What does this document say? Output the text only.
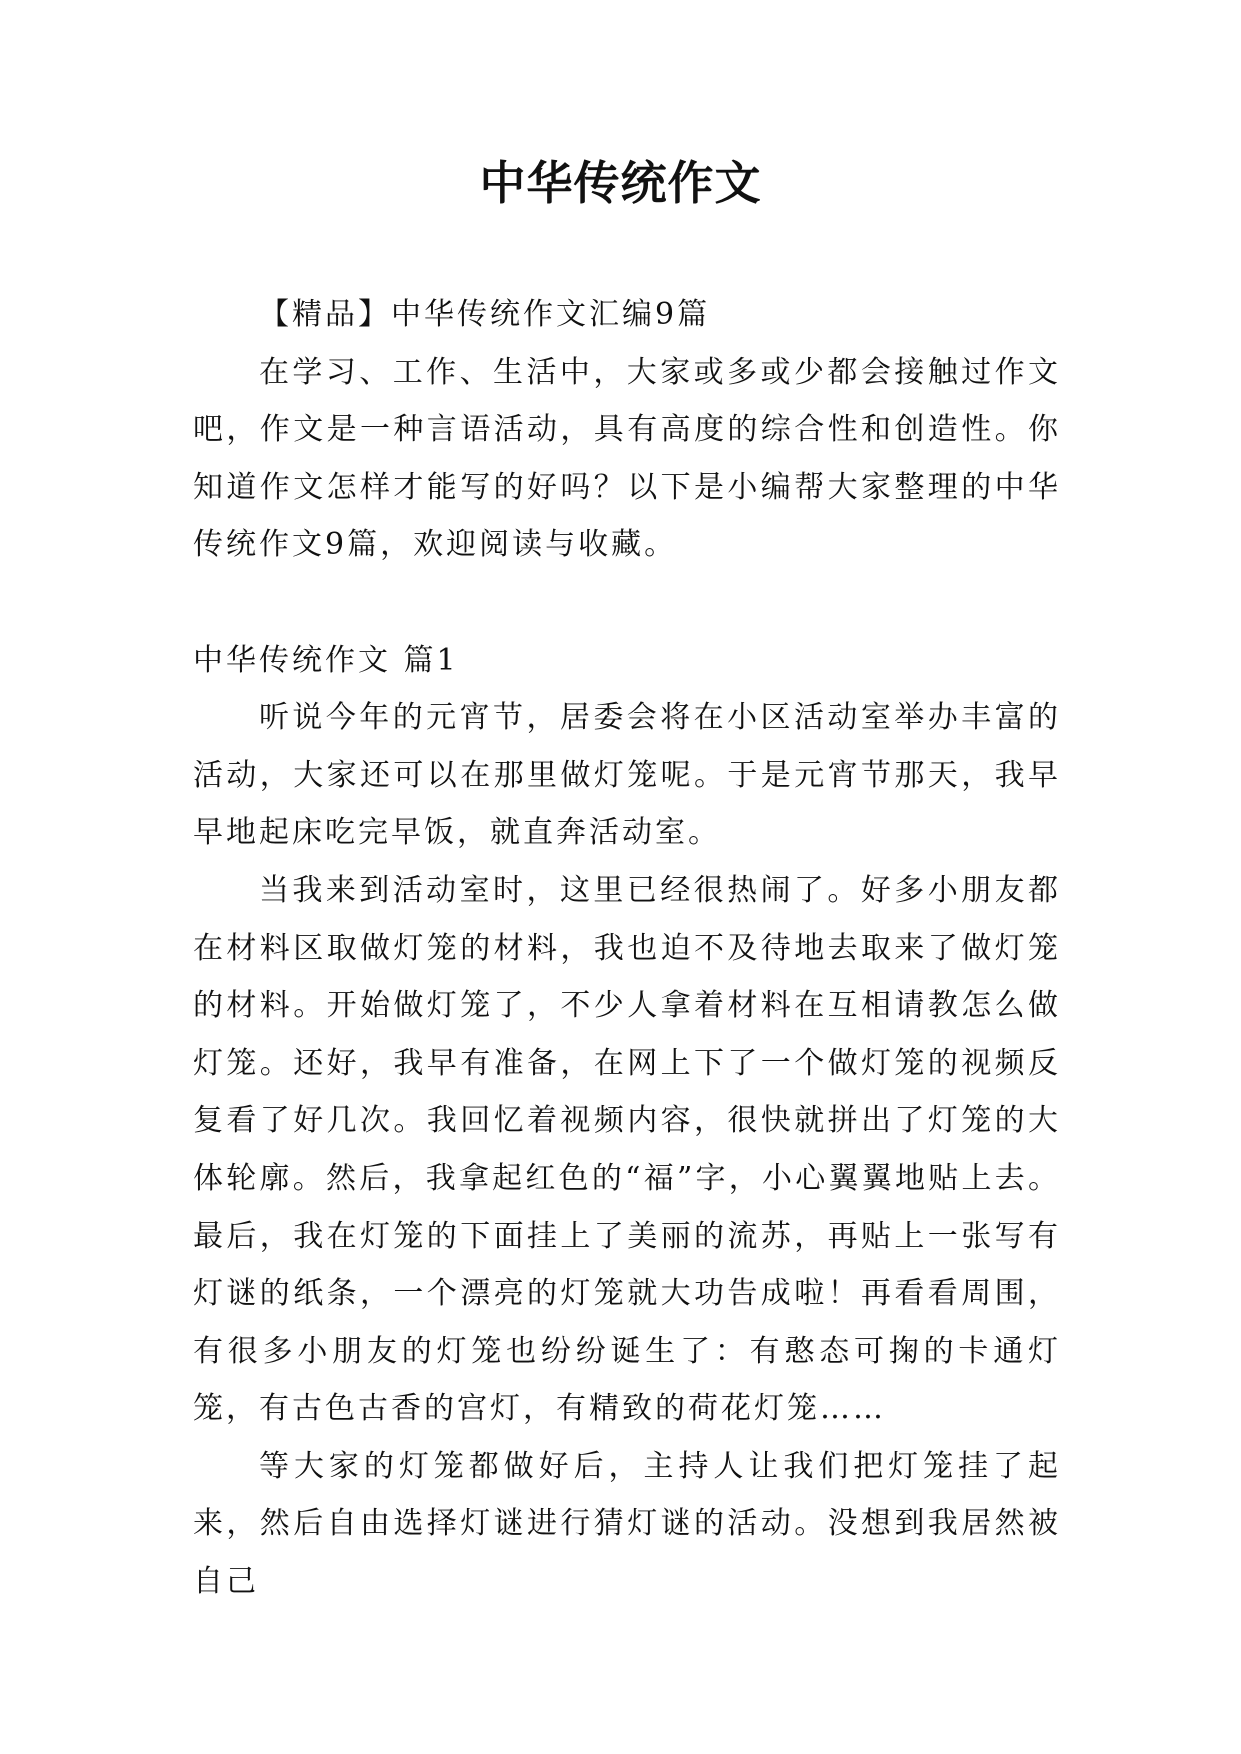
中华传统作文

【精品】中华传统作文汇编9篇

在学习、工作、生活中，大家或多或少都会接触过作文吧，作文是一种言语活动，具有高度的综合性和创造性。你知道作文怎样才能写的好吗？以下是小编帮大家整理的中华传统作文9篇，欢迎阅读与收藏。

中华传统作文 篇1

听说今年的元宵节，居委会将在小区活动室举办丰富的活动，大家还可以在那里做灯笼呢。于是元宵节那天，我早早地起床吃完早饭，就直奔活动室。

当我来到活动室时，这里已经很热闹了。好多小朋友都在材料区取做灯笼的材料，我也迫不及待地去取来了做灯笼的材料。开始做灯笼了，不少人拿着材料在互相请教怎么做灯笼。还好，我早有准备，在网上下了一个做灯笼的视频反复看了好几次。我回忆着视频内容，很快就拼出了灯笼的大体轮廓。然后，我拿起红色的“福”字，小心翼翼地贴上去。最后，我在灯笼的下面挂上了美丽的流苏，再贴上一张写有灯谜的纸条，一个漂亮的灯笼就大功告成啦！再看看周围，有很多小朋友的灯笼也纷纷诞生了：有憨态可掬的卡通灯笼，有古色古香的宫灯，有精致的荷花灯笼……

等大家的灯笼都做好后，主持人让我们把灯笼挂了起来，然后自由选择灯谜进行猜灯谜的活动。没想到我居然被自己
